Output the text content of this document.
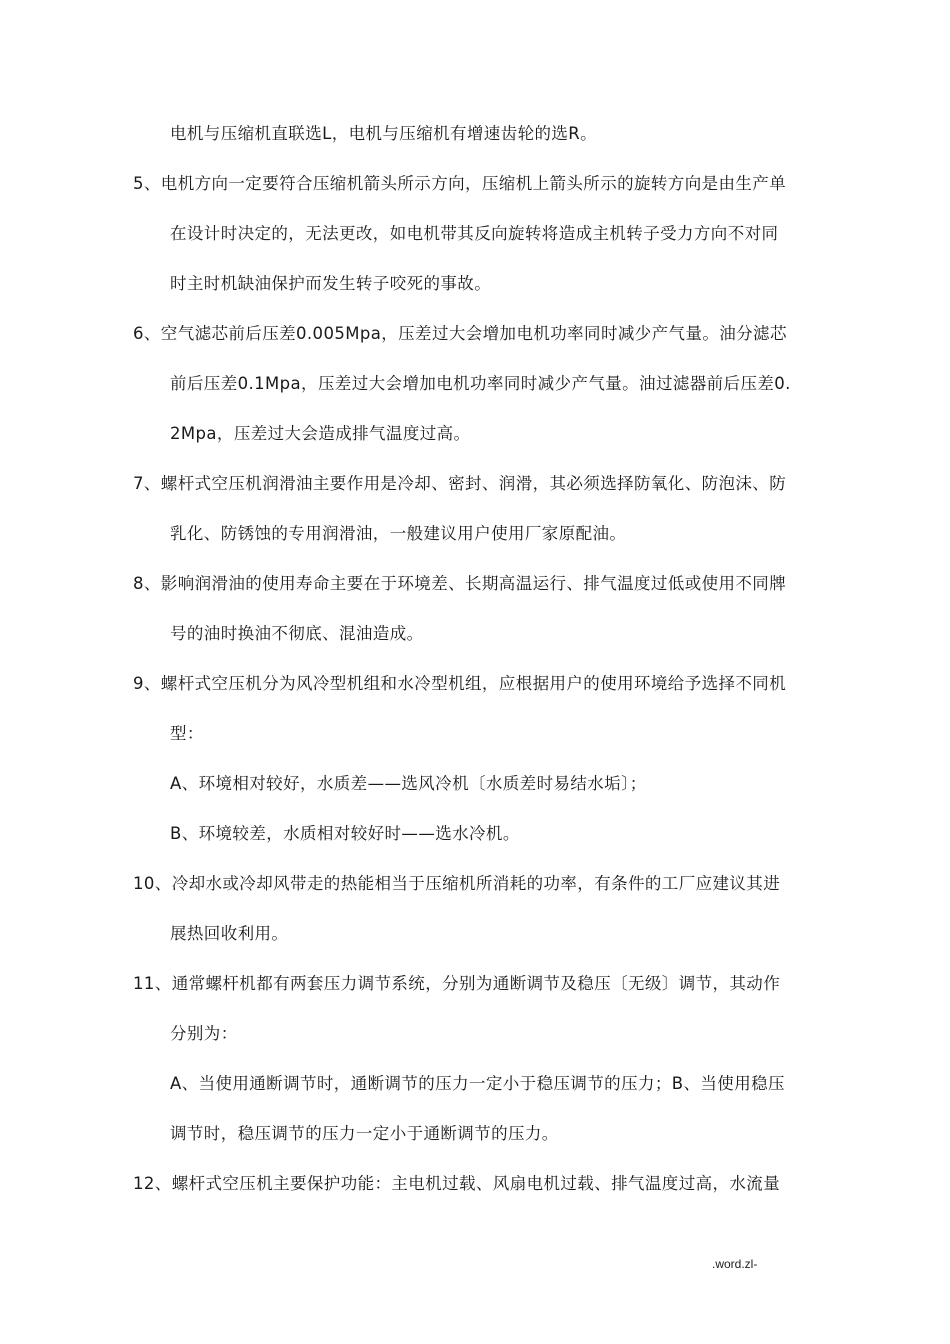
电机与压缩机直联选L，电机与压缩机有增速齿轮的选R。
5、电机方向一定要符合压缩机箭头所示方向，压缩机上箭头所示的旋转方向是由生产单
在设计时决定的，无法更改，如电机带其反向旋转将造成主机转子受力方向不对同
时主时机缺油保护而发生转子咬死的事故。
6、空气滤芯前后压差0.005Mpa，压差过大会增加电机功率同时减少产气量。油分滤芯
前后压差0.1Mpa，压差过大会增加电机功率同时减少产气量。油过滤器前后压差0.
2Mpa，压差过大会造成排气温度过高。
7、螺杆式空压机润滑油主要作用是冷却、密封、润滑，其必须选择防氧化、防泡沫、防
乳化、防锈蚀的专用润滑油，一般建议用户使用厂家原配油。
8、影响润滑油的使用寿命主要在于环境差、长期高温运行、排气温度过低或使用不同牌
号的油时换油不彻底、混油造成。
9、螺杆式空压机分为风冷型机组和水冷型机组，应根据用户的使用环境给予选择不同机
型：
A、环境相对较好，水质差——选风冷机〔水质差时易结水垢〕；
B、环境较差，水质相对较好时——选水冷机。
10、冷却水或冷却风带走的热能相当于压缩机所消耗的功率，有条件的工厂应建议其进
展热回收利用。
11、通常螺杆机都有两套压力调节系统，分别为通断调节及稳压〔无级〕调节，其动作
分别为：
A、当使用通断调节时，通断调节的压力一定小于稳压调节的压力；B、当使用稳压
调节时，稳压调节的压力一定小于通断调节的压力。
12、螺杆式空压机主要保护功能：主电机过载、风扇电机过载、排气温度过高，水流量
.word.zl-
